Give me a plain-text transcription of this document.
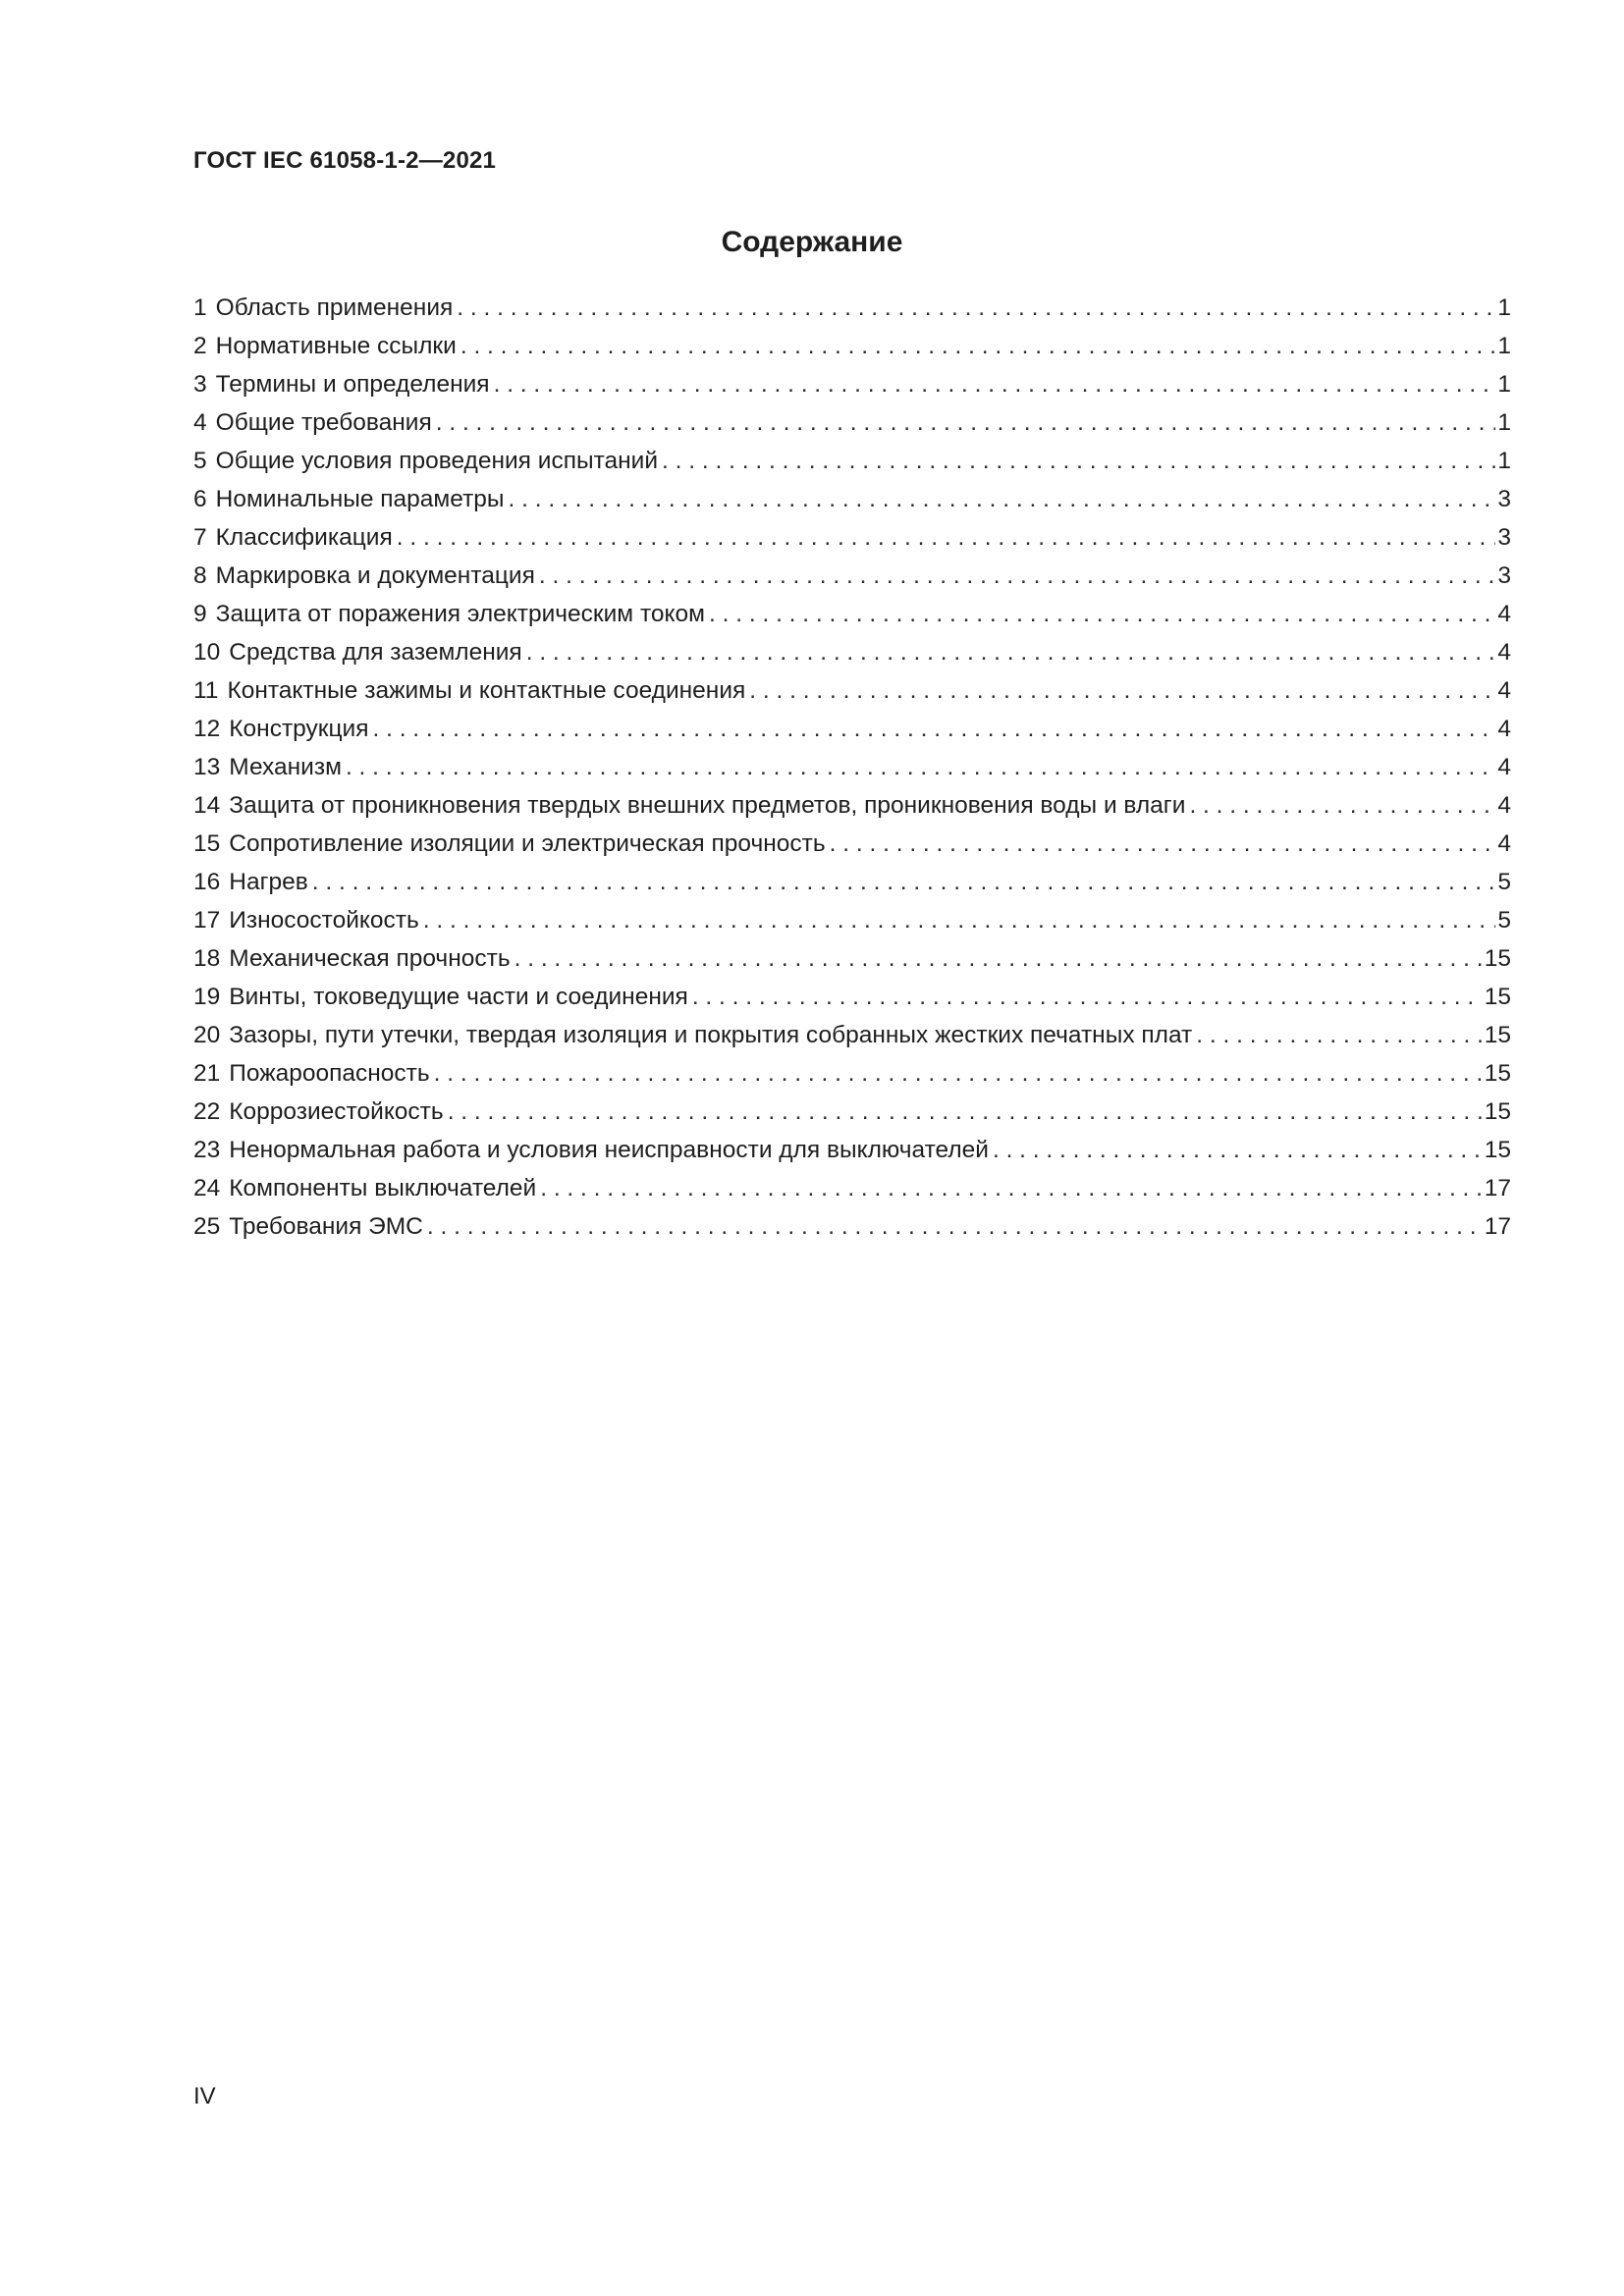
ГОСТ IEC 61058-1-2—2021
Содержание
1 Область применения . . .	1
2 Нормативные ссылки . . .	1
3 Термины и определения . . .	1
4 Общие требования . . .	1
5 Общие условия проведения испытаний . . .	1
6 Номинальные параметры . . .	3
7 Классификация . . .	3
8 Маркировка и документация . . .	3
9 Защита от поражения электрическим током . . .	4
10 Средства для заземления . . .	4
11 Контактные зажимы и контактные соединения . . .	4
12 Конструкция . . .	4
13 Механизм . . .	4
14 Защита от проникновения твердых внешних предметов, проникновения воды и влаги . . .	4
15 Сопротивление изоляции и электрическая прочность . . .	4
16 Нагрев . . .	5
17 Износостойкость . . .	5
18 Механическая прочность . . .	15
19 Винты, токоведущие части и соединения . . .	15
20 Зазоры, пути утечки, твердая изоляция и покрытия собранных жестких печатных плат . . .	15
21 Пожароопасность . . .	15
22 Коррозиестойкость . . .	15
23 Ненормальная работа и условия неисправности для выключателей . . .	15
24 Компоненты выключателей . . .	17
25 Требования ЭМС . . .	17
IV
